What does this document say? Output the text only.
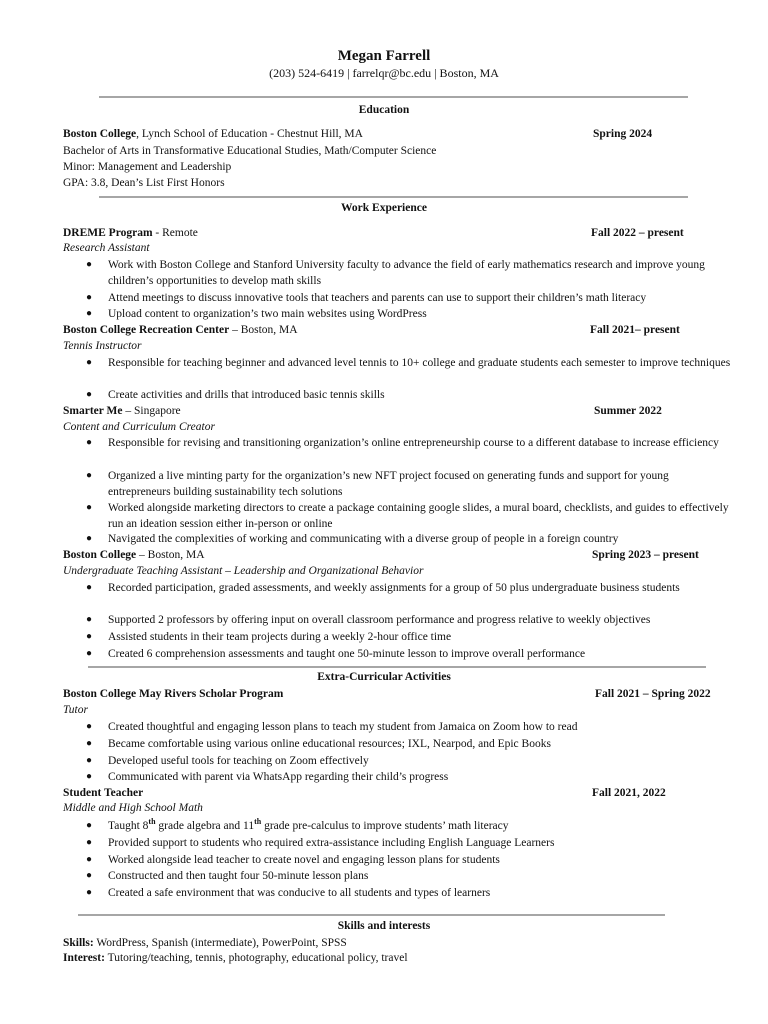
Megan Farrell
(203) 524-6419 | farrelqr@bc.edu | Boston, MA
Education
Boston College, Lynch School of Education - Chestnut Hill, MA	Spring 2024
Bachelor of Arts in Transformative Educational Studies, Math/Computer Science
Minor: Management and Leadership
GPA: 3.8, Dean’s List First Honors
Work Experience
DREME Program - Remote	Fall 2022 – present
Research Assistant
● Work with Boston College and Stanford University faculty to advance the field of early mathematics research and improve young children’s opportunities to develop math skills
● Attend meetings to discuss innovative tools that teachers and parents can use to support their children’s math literacy
● Upload content to organization’s two main websites using WordPress
Boston College Recreation Center – Boston, MA	Fall 2021– present
Tennis Instructor
● Responsible for teaching beginner and advanced level tennis to 10+ college and graduate students each semester to improve techniques
● Create activities and drills that introduced basic tennis skills
Smarter Me – Singapore	Summer 2022
Content and Curriculum Creator
● Responsible for revising and transitioning organization’s online entrepreneurship course to a different database to increase efficiency
● Organized a live minting party for the organization’s new NFT project focused on generating funds and support for young entrepreneurs building sustainability tech solutions
● Worked alongside marketing directors to create a package containing google slides, a mural board, checklists, and guides to effectively run an ideation session either in-person or online
● Navigated the complexities of working and communicating with a diverse group of people in a foreign country
Boston College – Boston, MA	Spring 2023 – present
Undergraduate Teaching Assistant – Leadership and Organizational Behavior
● Recorded participation, graded assessments, and weekly assignments for a group of 50 plus undergraduate business students
● Supported 2 professors by offering input on overall classroom performance and progress relative to weekly objectives
● Assisted students in their team projects during a weekly 2-hour office time
● Created 6 comprehension assessments and taught one 50-minute lesson to improve overall performance
Extra-Curricular Activities
Boston College May Rivers Scholar Program	Fall 2021 – Spring 2022
Tutor
● Created thoughtful and engaging lesson plans to teach my student from Jamaica on Zoom how to read
● Became comfortable using various online educational resources; IXL, Nearpod, and Epic Books
● Developed useful tools for teaching on Zoom effectively
● Communicated with parent via WhatsApp regarding their child’s progress
Student Teacher	Fall 2021, 2022
Middle and High School Math
● Taught 8th grade algebra and 11th grade pre-calculus to improve students’ math literacy
● Provided support to students who required extra-assistance including English Language Learners
● Worked alongside lead teacher to create novel and engaging lesson plans for students
● Constructed and then taught four 50-minute lesson plans
● Created a safe environment that was conducive to all students and types of learners
Skills and interests
Skills: WordPress, Spanish (intermediate), PowerPoint, SPSS
Interest: Tutoring/teaching, tennis, photography, educational policy, travel
